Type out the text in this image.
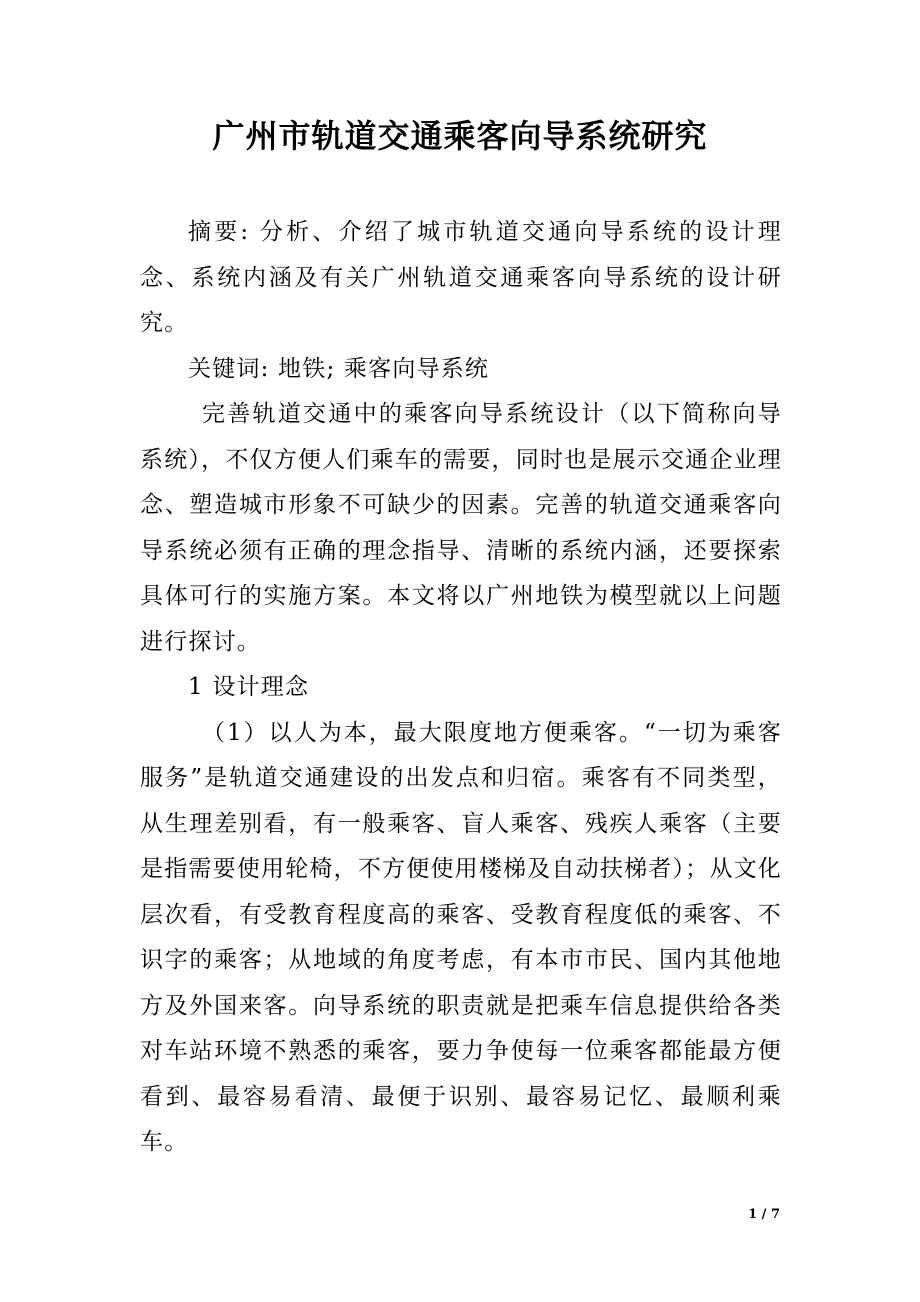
广州市轨道交通乘客向导系统研究

摘要: 分析、介绍了城市轨道交通向导系统的设计理念、系统内涵及有关广州轨道交通乘客向导系统的设计研究。

关键词: 地铁; 乘客向导系统

完善轨道交通中的乘客向导系统设计（以下简称向导系统），不仅方便人们乘车的需要，同时也是展示交通企业理念、塑造城市形象不可缺少的因素。完善的轨道交通乘客向导系统必须有正确的理念指导、清晰的系统内涵，还要探索具体可行的实施方案。本文将以广州地铁为模型就以上问题进行探讨。

1 设计理念

（1）以人为本，最大限度地方便乘客。“一切为乘客服务”是轨道交通建设的出发点和归宿。乘客有不同类型，从生理差别看，有一般乘客、盲人乘客、残疾人乘客（主要是指需要使用轮椅，不方便使用楼梯及自动扶梯者）；从文化层次看，有受教育程度高的乘客、受教育程度低的乘客、不识字的乘客；从地域的角度考虑，有本市市民、国内其他地方及外国来客。向导系统的职责就是把乘车信息提供给各类对车站环境不熟悉的乘客，要力争使每一位乘客都能最方便看到、最容易看清、最便于识别、最容易记忆、最顺利乘车。

1 / 7
